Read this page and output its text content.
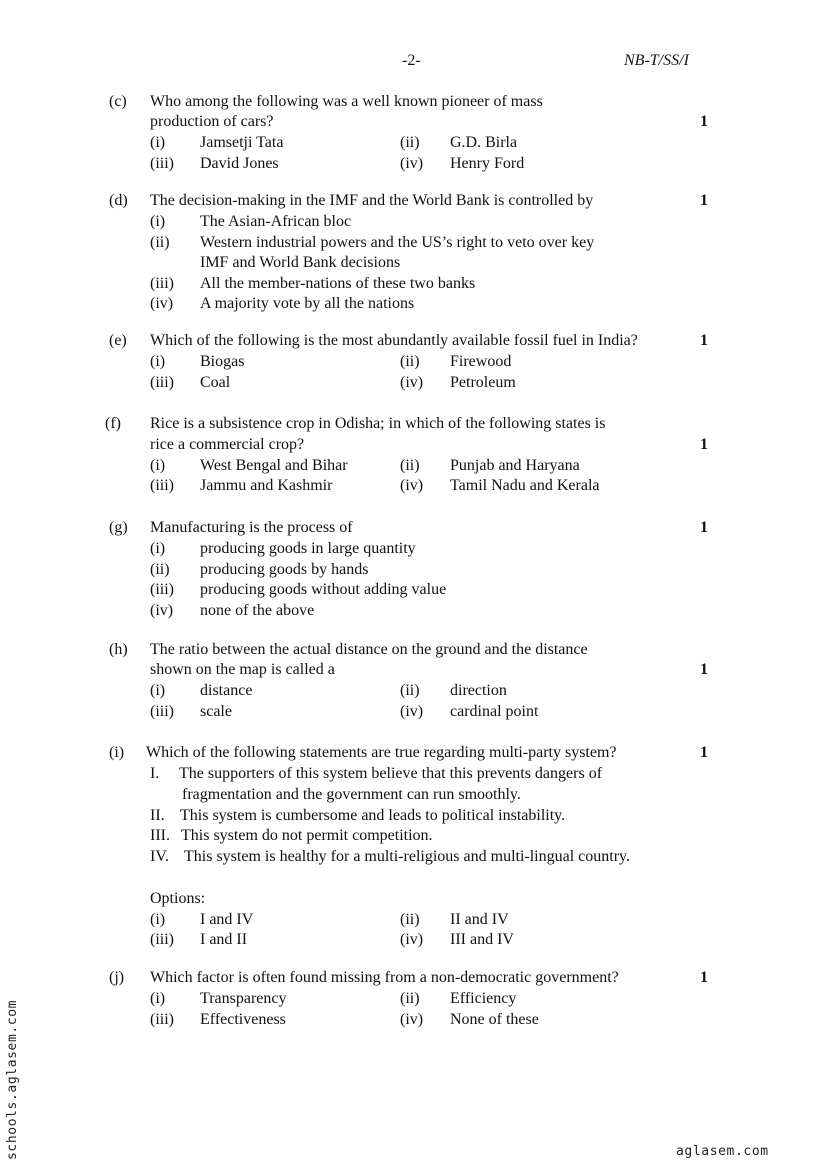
-2-	NB-T/SS/I
(c)	Who among the following was a well known pioneer of mass
production of cars?	1
(i) Jamsetji Tata	(ii) G.D. Birla
(iii) David Jones	(iv) Henry Ford
(d)	The decision-making in the IMF and the World Bank is controlled by	1
(i) The Asian-African bloc
(ii) Western industrial powers and the US’s right to veto over key
IMF and World Bank decisions
(iii) All the member-nations of these two banks
(iv) A majority vote by all the nations
(e)	Which of the following is the most abundantly available fossil fuel in India?	1
(i) Biogas	(ii) Firewood
(iii) Coal	(iv) Petroleum
(f)	Rice is a subsistence crop in Odisha; in which of the following states is
rice a commercial crop?	1
(i) West Bengal and Bihar	(ii) Punjab and Haryana
(iii) Jammu and Kashmir	(iv) Tamil Nadu and Kerala
(g)	Manufacturing is the process of	1
(i) producing goods in large quantity
(ii) producing goods by hands
(iii) producing goods without adding value
(iv) none of the above
(h)	The ratio between the actual distance on the ground and the distance
shown on the map is called a	1
(i) distance	(ii) direction
(iii) scale	(iv) cardinal point
(i)	Which of the following statements are true regarding multi-party system?	1
I. The supporters of this system believe that this prevents dangers of
fragmentation and the government can run smoothly.
II. This system is cumbersome and leads to political instability.
III. This system do not permit competition.
IV. This system is healthy for a multi-religious and multi-lingual country.
Options:
(i) I and IV	(ii) II and IV
(iii) I and II	(iv) III and IV
(j)	Which factor is often found missing from a non-democratic government?	1
(i) Transparency	(ii) Efficiency
(iii) Effectiveness	(iv) None of these
schools.aglasem.com	aglasem.com
